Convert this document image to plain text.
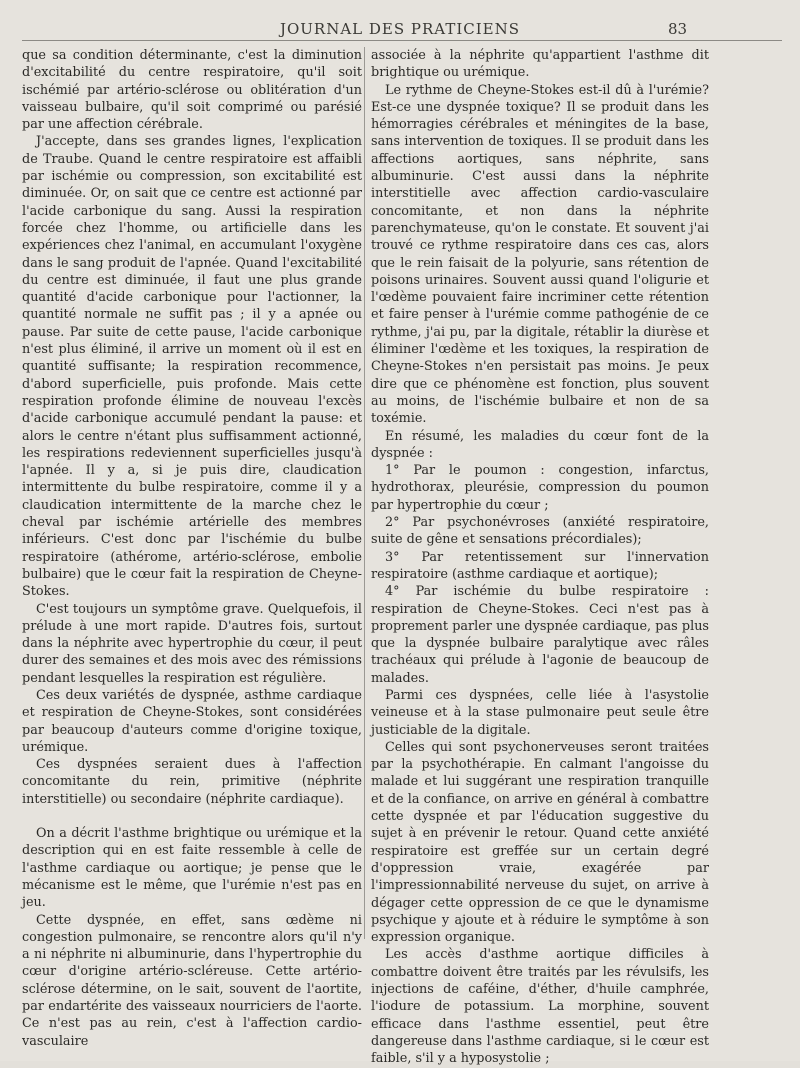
JOURNAL DES PRATICIENS	83

que sa condition déterminante, c'est la diminution d'excitabilité du centre respiratoire, qu'il soit ischémié par artério-sclérose ou oblitération d'un vaisseau bulbaire, qu'il soit comprimé ou parésié par une affection cérébrale.

J'accepte, dans ses grandes lignes, l'explication de Traube. Quand le centre respiratoire est affaibli par ischémie ou compression, son excitabilité est diminuée. Or, on sait que ce centre est actionné par l'acide carbonique du sang. Aussi la respiration forcée chez l'homme, ou artificielle dans les expériences chez l'animal, en accumulant l'oxygène dans le sang produit de l'apnée. Quand l'excitabilité du centre est diminuée, il faut une plus grande quantité d'acide carbonique pour l'actionner, la quantité normale ne suffit pas ; il y a apnée ou pause. Par suite de cette pause, l'acide carbonique n'est plus éliminé, il arrive un moment où il est en quantité suffisante; la respiration recommence, d'abord superficielle, puis profonde. Mais cette respiration profonde élimine de nouveau l'excès d'acide carbonique accumulé pendant la pause: et alors le centre n'étant plus suffisamment actionné, les respirations redeviennent superficielles jusqu'à l'apnée. Il y a, si je puis dire, claudication intermittente du bulbe respiratoire, comme il y a claudication intermittente de la marche chez le cheval par ischémie artérielle des membres inférieurs. C'est donc par l'ischémie du bulbe respiratoire (athérome, artério-sclérose, embolie bulbaire) que le cœur fait la respiration de Cheyne-Stokes.

C'est toujours un symptôme grave. Quelquefois, il prélude à une mort rapide. D'autres fois, surtout dans la néphrite avec hypertrophie du cœur, il peut durer des semaines et des mois avec des rémissions pendant lesquelles la respiration est régulière.

Ces deux variétés de dyspnée, asthme cardiaque et respiration de Cheyne-Stokes, sont considérées par beaucoup d'auteurs comme d'origine toxique, urémique.

Ces dyspnées seraient dues à l'affection concomitante du rein, primitive (néphrite interstitielle) ou secondaire (néphrite cardiaque).

On a décrit l'asthme brightique ou urémique et la description qui en est faite ressemble à celle de l'asthme cardiaque ou aortique; je pense que le mécanisme est le même, que l'urémie n'est pas en jeu.

Cette dyspnée, en effet, sans œdème ni congestion pulmonaire, se rencontre alors qu'il n'y a ni néphrite ni albuminurie, dans l'hypertrophie du cœur d'origine artério-scléreuse. Cette artério-sclérose détermine, on le sait, souvent de l'aortite, par endartérite des vaisseaux nourriciers de l'aorte. Ce n'est pas au rein, c'est à l'affection cardio-vasculaire

associée à la néphrite qu'appartient l'asthme dit brightique ou urémique.

Le rythme de Cheyne-Stokes est-il dû à l'urémie? Est-ce une dyspnée toxique? Il se produit dans les hémorragies cérébrales et méningites de la base, sans intervention de toxiques. Il se produit dans les affections aortiques, sans néphrite, sans albuminurie. C'est aussi dans la néphrite interstitielle avec affection cardio-vasculaire concomitante, et non dans la néphrite parenchymateuse, qu'on le constate. Et souvent j'ai trouvé ce rythme respiratoire dans ces cas, alors que le rein faisait de la polyurie, sans rétention de poisons urinaires. Souvent aussi quand l'oligurie et l'œdème pouvaient faire incriminer cette rétention et faire penser à l'urémie comme pathogénie de ce rythme, j'ai pu, par la digitale, rétablir la diurèse et éliminer l'œdème et les toxiques, la respiration de Cheyne-Stokes n'en persistait pas moins. Je peux dire que ce phénomène est fonction, plus souvent au moins, de l'ischémie bulbaire et non de sa toxémie.

En résumé, les maladies du cœur font de la dyspnée :

1° Par le poumon : congestion, infarctus, hydrothorax, pleurésie, compression du poumon par hypertrophie du cœur ;

2° Par psychonévroses (anxiété respiratoire, suite de gêne et sensations précordiales);

3° Par retentissement sur l'innervation respiratoire (asthme cardiaque et aortique);

4° Par ischémie du bulbe respiratoire : respiration de Cheyne-Stokes. Ceci n'est pas à proprement parler une dyspnée cardiaque, pas plus que la dyspnée bulbaire paralytique avec râles trachéaux qui prélude à l'agonie de beaucoup de malades.

Parmi ces dyspnées, celle liée à l'asystolie veineuse et à la stase pulmonaire peut seule être justiciable de la digitale.

Celles qui sont psychonerveuses seront traitées par la psychothérapie. En calmant l'angoisse du malade et lui suggérant une respiration tranquille et de la confiance, on arrive en général à combattre cette dyspnée et par l'éducation suggestive du sujet à en prévenir le retour. Quand cette anxiété respiratoire est greffée sur un certain degré d'oppression vraie, exagérée par l'impressionnabilité nerveuse du sujet, on arrive à dégager cette oppression de ce que le dynamisme psychique y ajoute et à réduire le symptôme à son expression organique.

Les accès d'asthme aortique difficiles à combattre doivent être traités par les révulsifs, les injections de caféine, d'éther, d'huile camphrée, l'iodure de potassium. La morphine, souvent efficace dans l'asthme essentiel, peut être dangereuse dans l'asthme cardiaque, si le cœur est faible, s'il y a hyposystolie ;
